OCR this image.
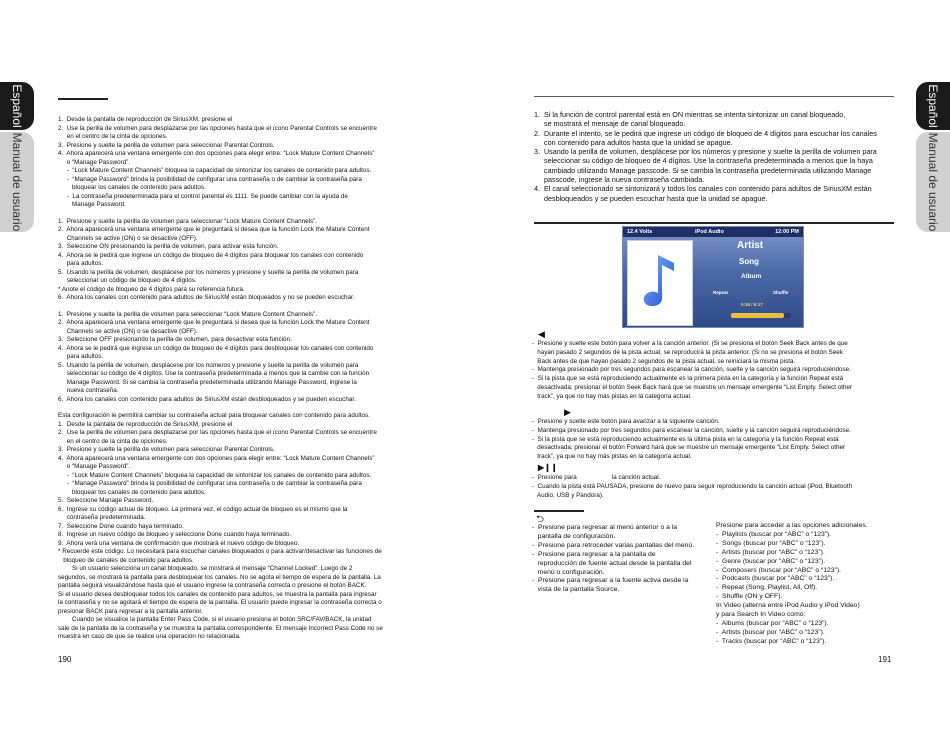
Español
Manual de usuario
Español
Manual de usuario

1.  Desde la pantalla de reproducción de SiriusXM, presione el

2.  Use la perilla de volumen para desplazarse por las opciones hasta que el ícono Parental Controls se encuentre

en el centro de la cinta de opciones.

3.  Presione y suelte la perilla de volumen para seleccionar Parental Controls.

4.  Ahora aparecerá una ventana emergente con dos opciones para elegir entre: “Lock Mature Content Channels”

o “Manage Password”.

-  “Lock Mature Content Channels” bloquea la capacidad de sintonizar los canales de contenido para adultos.

-  “Manage Password” brinda la posibilidad de configurar una contraseña o de cambiar la contraseña para

bloquear los canales de contenido para adultos.

-  La contraseña predeterminada para el control parental es 1111. Se puede cambiar con la ayuda de

Manage Password.

1.  Presione y suelte la perilla de volumen para seleccionar “Lock Mature Content Channels”.

2.  Ahora aparecerá una ventana emergente que le preguntará si desea que la función Lock the Mature Content

Channels se active (ON) o se desactive (OFF).

3.  Seleccione ON presionando la perilla de volumen, para activar esta función.

4.  Ahora se le pedirá que ingrese un código de bloqueo de 4 dígitos para bloquear los canales con contenido

para adultos.

5.  Usando la perilla de volumen, desplácese por los números y presione y suelte la perilla de volumen para

seleccionar un código de bloqueo de 4 dígitos.

* Anote el código de bloqueo de 4 dígitos para su referencia futura.

6.  Ahora los canales con contenido para adultos de SiriusXM están bloqueados y no se pueden escuchar.

1.  Presione y suelte la perilla de volumen para seleccionar “Lock Mature Content Channels”.

2.  Ahora aparecerá una ventana emergente que le preguntará si desea que la función Lock the Mature Content

Channels se active (ON) o se desactive (OFF).

3.  Seleccione OFF presionando la perilla de volumen, para desactivar esta función.

4.  Ahora se le pedirá que ingrese un código de bloqueo de 4 dígitos para desbloquear los canales con contenido

para adultos.

5.  Usando la perilla de volumen, desplácese por los números y presione y suelte la perilla de volumen para

seleccionar su código de 4 dígitos. Use la contraseña predeterminada a menos que la cambie con la función

Manage Password. Si se cambia la contraseña predeterminada utilizando Manage Password, ingrese la

nueva contraseña.

6.  Ahora los canales con contenido para adultos de SiriusXM están desbloqueados y se pueden escuchar.

Esta configuración le permitirá cambiar su contraseña actual para bloquear canales con contenido para adultos.

1.  Desde la pantalla de reproducción de SiriusXM, presione el

2.  Use la perilla de volumen para desplazarse por las opciones hasta que el ícono Parental Controls se encuentre

en el centro de la cinta de opciones.

3.  Presione y suelte la perilla de volumen para seleccionar Parental Controls.

4.  Ahora aparecerá una ventana emergente con dos opciones para elegir entre: “Lock Mature Content Channels”

o “Manage Password”.

-  “Lock Mature Content Channels” bloquea la capacidad de sintonizar los canales de contenido para adultos.

-  “Manage Password” brinda la posibilidad de configurar una contraseña o de cambiar la contraseña para

bloquear los canales de contenido para adultos.

5.  Seleccione Manage Password.

6.  Ingrese su código actual de bloqueo. La primera vez, el código actual de bloqueo es el mismo que la

contraseña predeterminada.

7.  Seleccione Done cuando haya terminado.

8.  Ingrese un nuevo código de bloqueo y seleccione Done cuando haya terminado.

9.  Ahora verá una ventana de confirmación que mostrará el nuevo código de bloqueo.

* Recuerde este código. Lo necesitará para escuchar canales bloqueados o para activar/desactivar las funciones de

bloqueo de canales de contenido para adultos.

Si un usuario selecciona un canal bloqueado, se mostrará el mensaje “Channel Locked”. Luego de 2

segundos, se mostrará la pantalla para desbloquear los canales. No se agota el tiempo de espera de la pantalla. La

pantalla seguirá visualizándose hasta que el usuario ingrese la contraseña correcta o presione el botón BACK.

Si el usuario desea desbloquear todos los canales de contenido para adultos, se muestra la pantalla para ingresar

la contraseña y no se agotará el tiempo de espera de la pantalla. El usuario puede ingresar la contraseña correcta o

presionar BACK para regresar a la pantalla anterior.

Cuando se visualice la pantalla Enter Pass Code, si el usuario presiona el botón SRC/FAV/BACK, la unidad

sale de la pantalla de la contraseña y se muestra la pantalla correspondiente. El mensaje Incorrect Pass Code no se

muestra en caso de que se realice una operación no relacionada.

190

1.  Si la función de control parental está en ON mientras se intenta sintonizar un canal bloqueado,

se mostrará el mensaje de canal bloqueado.

2.  Durante el intento, se le pedirá que ingrese un código de bloqueo de 4 dígitos para escuchar los canales

con contenido para adultos hasta que la unidad se apague.

3.  Usando la perilla de volumen, desplácese por los números y presione y suelte la perilla de volumen para

seleccionar su código de bloqueo de 4 dígitos. Use la contraseña predeterminada a menos que la haya

cambiado utilizando Manage passcode. Si se cambia la contraseña predeterminada utilizando Manage

passcode, ingrese la nueva contraseña cambiada.

4.  El canal seleccionado se sintonizará y todos los canales con contenido para adultos de SiriusXM están

desbloqueados y se pueden escuchar hasta que la unidad se apague.

12.4 Volts	iPod Audio	12:00 PM
Artist
Song
Album
Repeat	Shuffle
5:36 / 6:17
◀

-  Presione y suelte este botón para volver a la canción anterior. (Si se presiona el botón Seek Back antes de que

hayan pasado 2 segundos de la pista actual, se reproducirá la pista anterior. (Si no se presiona el botón Seek

Back antes de que hayan pasado 2 segundos de la pista actual, se reiniciará la misma pista.

-  Mantenga presionado por tres segundos para escanear la canción, suelte y la canción seguirá reproduciéndose.

-  Si la pista que se está reproduciendo actualmente es la primera pista en la categoría y la función Repeat está

desactivada; presionar el botón Seek Back hará que se muestre un mensaje emergente “List Empty. Select other

track”, ya que no hay más pistas en la categoría actual.

▶

-  Presione y suelte este botón para avanzar a la siguiente canción.

-  Mantenga presionado por tres segundos para escanear la canción, suelte y la canción seguirá reproduciéndose.

-  Si la pista que se está reproduciendo actualmente es la última pista en la categoría y la función Repeat está

desactivada; presionar el botón Forward hará que se muestre un mensaje emergente “List Empty. Select other

track”, ya que no hay más pistas en la categoría actual.

▶❙❙

-  Presione para                    la canción actual.

-  Cuando la pista está PAUSADA, presione de nuevo para seguir reproduciendo la canción actual (iPod, Bluetooth

Audio, USB y Pandora).

⮌

-  Presione para regresar al menú anterior o a la

pantalla de configuración.

-  Presione para retroceder varias pantallas del menú.

-  Presione para regresar a la pantalla de

reproducción de fuente actual desde la pantalla del

menú o configuración.

-  Presione para regresar a la fuente activa desde la

vista de la pantalla Source.

Presione para acceder a las opciones adicionales.

-  Playlists (buscar por “ABC” o “123”).

-  Songs (buscar por “ABC” o “123”).

-  Artists (buscar por “ABC” o “123”).

-  Genre (buscar por “ABC” o “123”).

-  Composers (buscar por “ABC” o “123”).

-  Podcasts (buscar por “ABC” o “123”).

-  Repeat (Song, Playlist, All, Off).

-  Shuffle (ON y OFF).

In Video (alterna entre iPod Audio y iPod Video)

y para Search In Video como:

-  Albums (buscar por “ABC” o “123”).

-  Artists (buscar por “ABC” o “123”).

-  Tracks (buscar por “ABC” o “123”).

191
